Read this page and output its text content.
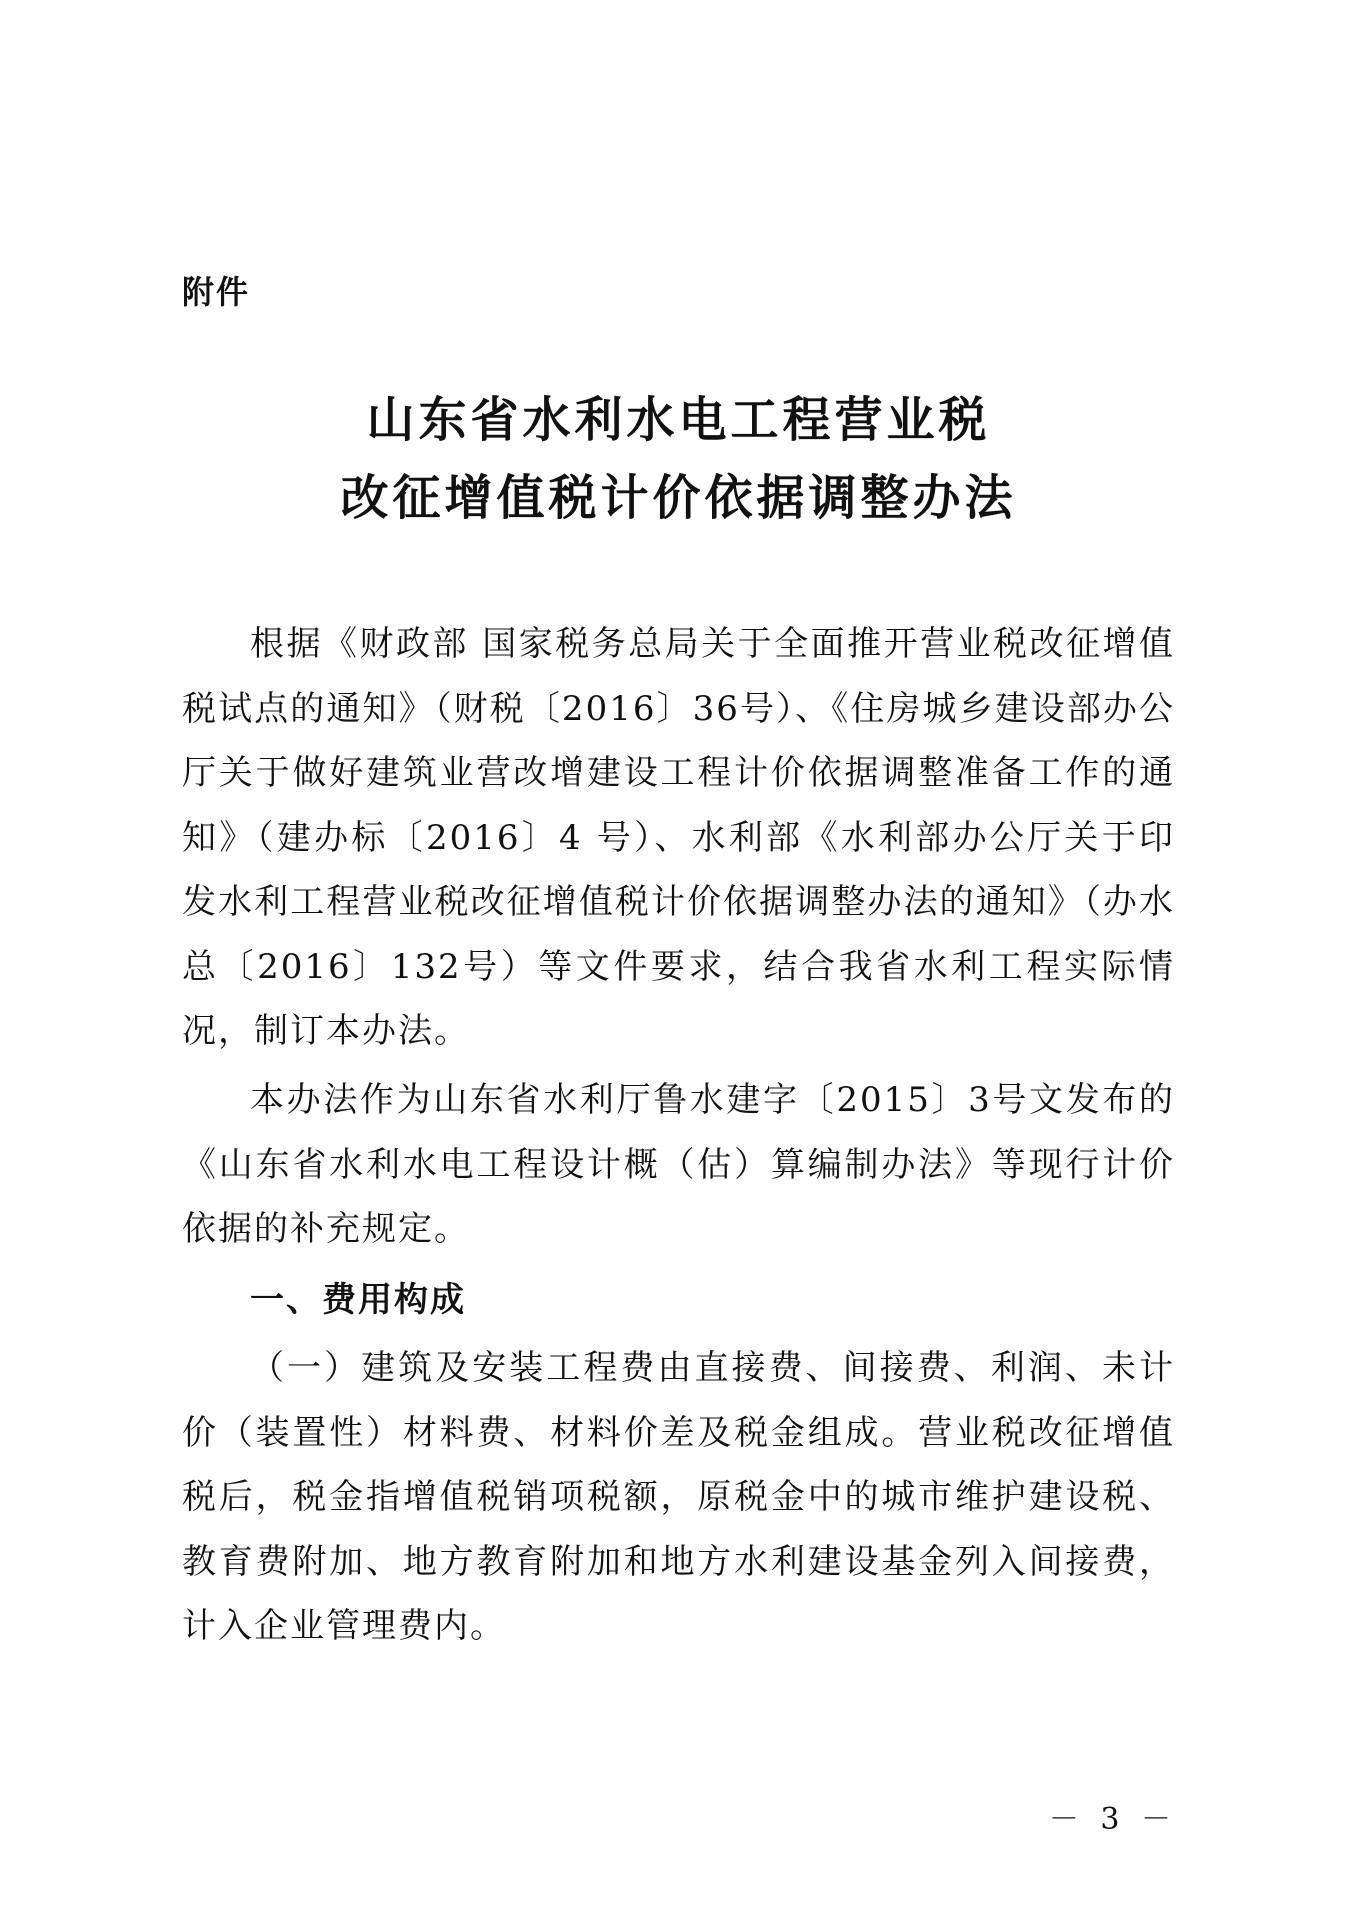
附件
山东省水利水电工程营业税
改征增值税计价依据调整办法

根据《财政部 国家税务总局关于全面推开营业税改征增值税试点的通知》（财税〔2016〕36号）、《住房城乡建设部办公厅关于做好建筑业营改增建设工程计价依据调整准备工作的通知》（建办标〔2016〕4 号）、水利部《水利部办公厅关于印发水利工程营业税改征增值税计价依据调整办法的通知》（办水总〔2016〕132号）等文件要求，结合我省水利工程实际情况，制订本办法。

本办法作为山东省水利厅鲁水建字〔2015〕3号文发布的《山东省水利水电工程设计概（估）算编制办法》等现行计价依据的补充规定。

一、费用构成

（一）建筑及安装工程费由直接费、间接费、利润、未计价（装置性）材料费、材料价差及税金组成。营业税改征增值税后，税金指增值税销项税额，原税金中的城市维护建设税、教育费附加、地方教育附加和地方水利建设基金列入间接费，计入企业管理费内。

－ 3 －
